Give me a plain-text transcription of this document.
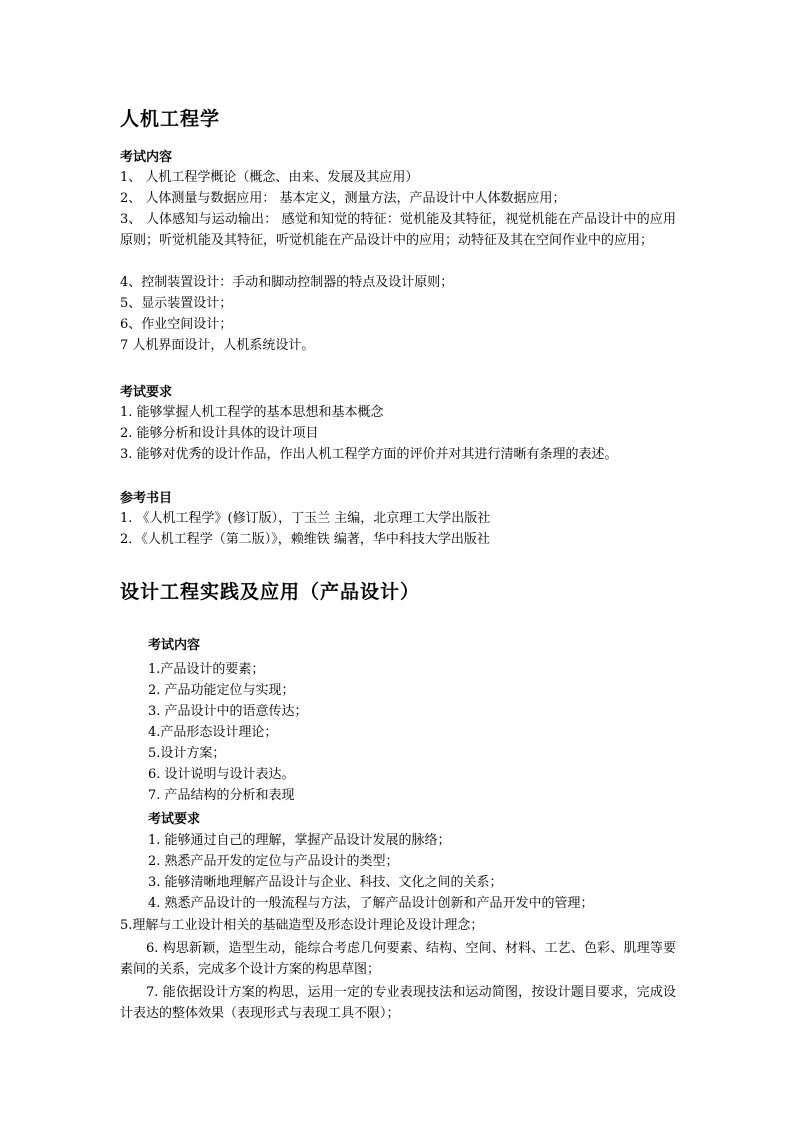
人机工程学
考试内容
1、 人机工程学概论（概念、由来、发展及其应用）
2、 人体测量与数据应用： 基本定义，测量方法，产品设计中人体数据应用；
3、 人体感知与运动输出： 感觉和知觉的特征：觉机能及其特征，视觉机能在产品设计中的应用原则；听觉机能及其特征，听觉机能在产品设计中的应用；动特征及其在空间作业中的应用；
4、控制装置设计：手动和脚动控制器的特点及设计原则；
5、显示装置设计；
6、作业空间设计；
7 人机界面设计，人机系统设计。
考试要求
1. 能够掌握人机工程学的基本思想和基本概念
2. 能够分析和设计具体的设计项目
3. 能够对优秀的设计作品，作出人机工程学方面的评价并对其进行清晰有条理的表述。
参考书目
1. 《人机工程学》(修订版），丁玉兰 主编，北京理工大学出版社
2．《人机工程学（第二版）》，赖维铁 编著，华中科技大学出版社
设计工程实践及应用（产品设计）
考试内容
1.产品设计的要素；
2. 产品功能定位与实现；
3. 产品设计中的语意传达；
4.产品形态设计理论；
5.设计方案；
6. 设计说明与设计表达。
7. 产品结构的分析和表现
考试要求
1. 能够通过自己的理解，掌握产品设计发展的脉络；
2. 熟悉产品开发的定位与产品设计的类型；
3. 能够清晰地理解产品设计与企业、科技、文化之间的关系；
4. 熟悉产品设计的一般流程与方法，了解产品设计创新和产品开发中的管理；
5.理解与工业设计相关的基础造型及形态设计理论及设计理念；
6. 构思新颖，造型生动，能综合考虑几何要素、结构、空间、材料、工艺、色彩、肌理等要素间的关系，完成多个设计方案的构思草图；
7. 能依据设计方案的构思，运用一定的专业表现技法和运动简图，按设计题目要求，完成设计表达的整体效果（表现形式与表现工具不限）；
